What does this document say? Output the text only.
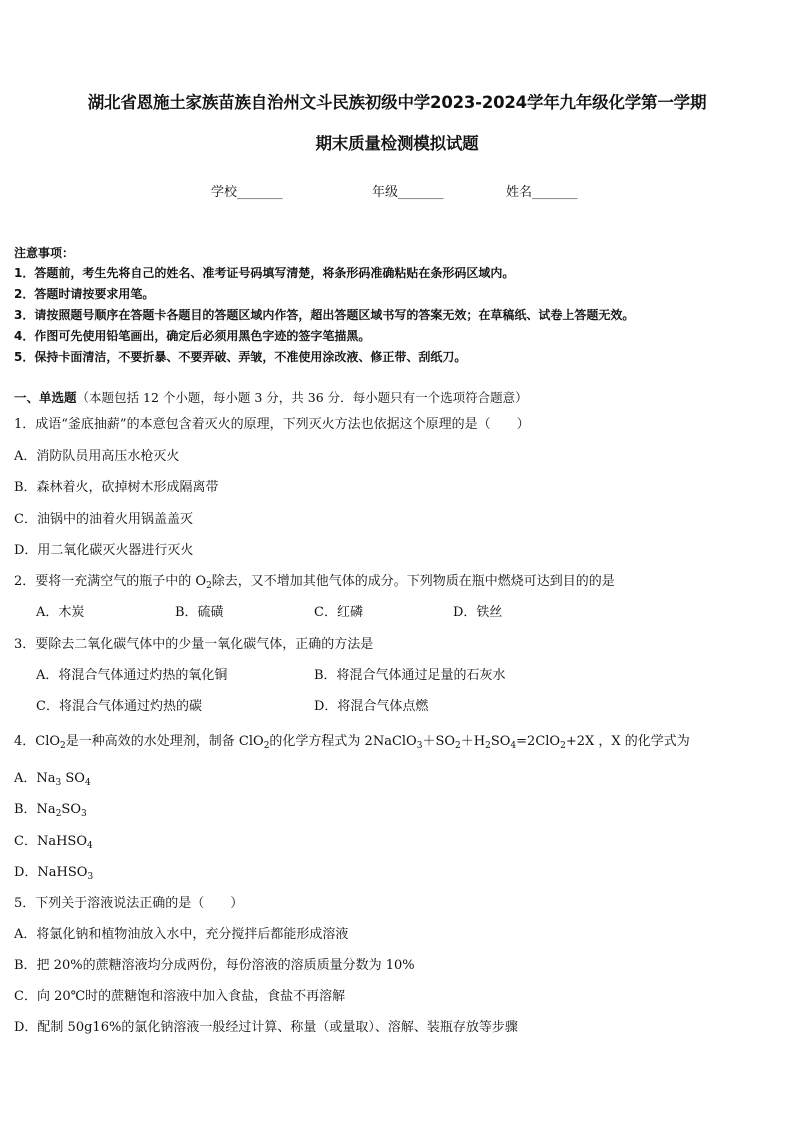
湖北省恩施土家族苗族自治州文斗民族初级中学2023-2024学年九年级化学第一学期
期末质量检测模拟试题
学校_______	年级_______	姓名_______
注意事项：
1．答题前，考生先将自己的姓名、准考证号码填写清楚，将条形码准确粘贴在条形码区域内。
2．答题时请按要求用笔。
3．请按照题号顺序在答题卡各题目的答题区域内作答，超出答题区域书写的答案无效；在草稿纸、试卷上答题无效。
4．作图可先使用铅笔画出，确定后必须用黑色字迹的签字笔描黑。
5．保持卡面清洁，不要折暴、不要弄破、弄皱，不准使用涂改液、修正带、刮纸刀。
一、单选题（本题包括 12 个小题，每小题 3 分，共 36 分．每小题只有一个选项符合题意）
1．成语“釜底抽薪”的本意包含着灭火的原理，下列灭火方法也依据这个原理的是（　　）
A．消防队员用高压水枪灭火
B．森林着火，砍掉树木形成隔离带
C．油锅中的油着火用锅盖盖灭
D．用二氧化碳灭火器进行灭火
2．要将一充满空气的瓶子中的 $O_2$除去，又不增加其他气体的成分。下列物质在瓶中燃烧可达到目的的是
A．木炭	B．硫磺	C．红磷	D．铁丝
3．要除去二氧化碳气体中的少量一氧化碳气体，正确的方法是
A．将混合气体通过灼热的氧化铜	B．将混合气体通过足量的石灰水
C．将混合气体通过灼热的碳	D．将混合气体点燃
4．ClO$_2$是一种高效的水处理剂，制备 ClO$_2$的化学方程式为 $2NaClO_3+SO_2+H_2SO_4=2ClO_2+2X$ ，X 的化学式为
A．$Na_3$ $SO_4$
B．$Na_2SO_3$
C．NaHSO$_4$
D．NaHSO$_3$
5．下列关于溶液说法正确的是（　　）
A．将氯化钠和植物油放入水中，充分搅拌后都能形成溶液
B．把 20%的蔗糖溶液均分成两份，每份溶液的溶质质量分数为 10%
C．向 20℃时的蔗糖饱和溶液中加入食盐，食盐不再溶解
D．配制 50g16%的氯化钠溶液一般经过计算、称量（或量取）、溶解、装瓶存放等步骤
